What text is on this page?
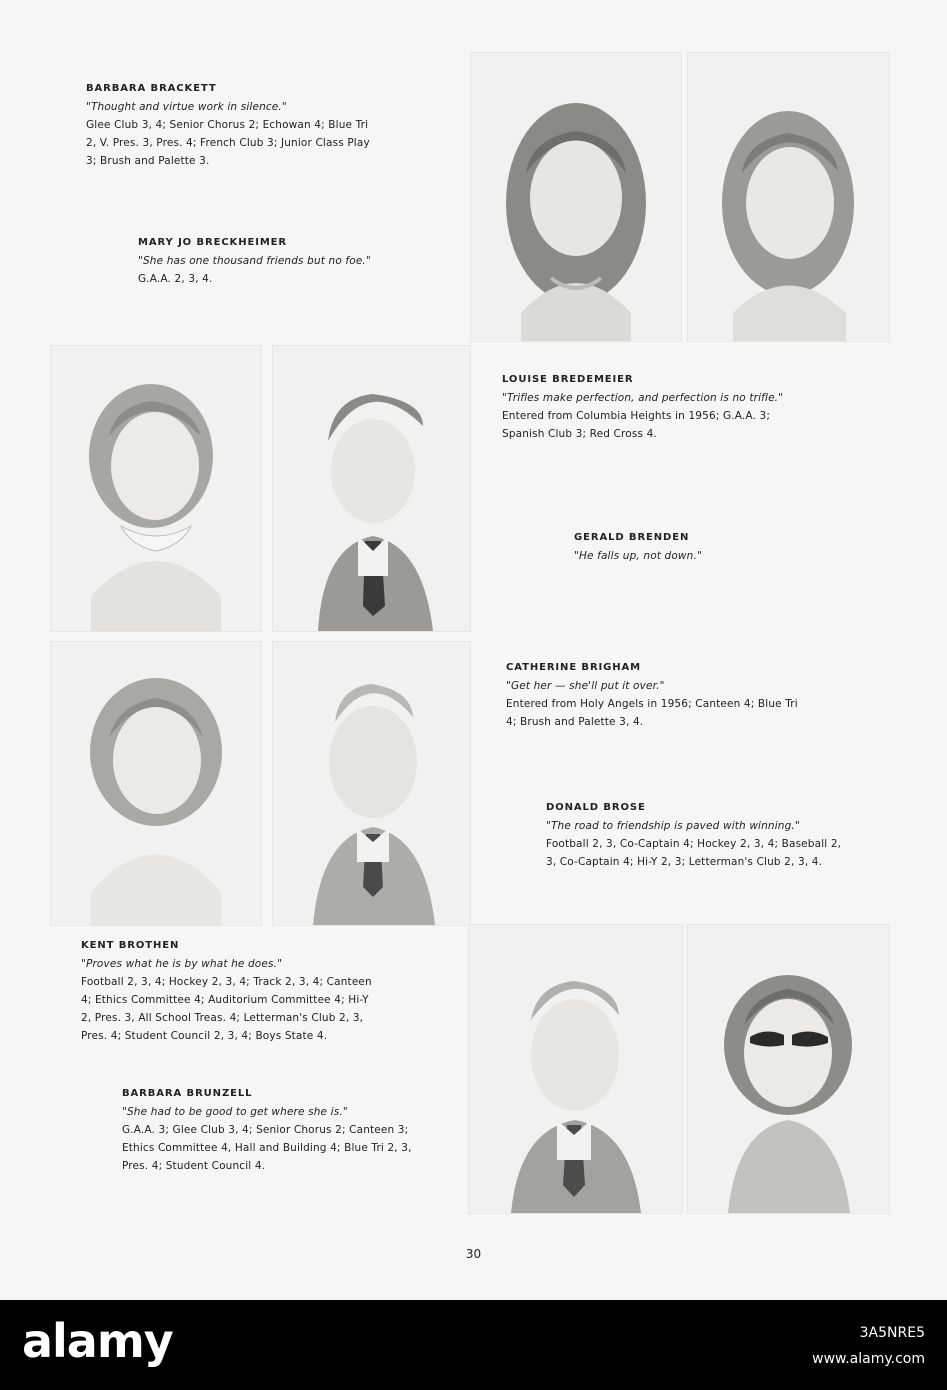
BARBARA BRACKETT
"Thought and virtue work in silence."
Glee Club 3, 4; Senior Chorus 2; Echowan 4; Blue Tri
2, V. Pres. 3, Pres. 4; French Club 3; Junior Class Play
3; Brush and Palette 3.
MARY JO BRECKHEIMER
"She has one thousand friends but no foe."
G.A.A. 2, 3, 4.
LOUISE BREDEMEIER
"Trifles make perfection, and perfection is no trifle."
Entered from Columbia Heights in 1956; G.A.A. 3;
Spanish Club 3; Red Cross 4.
GERALD BRENDEN
"He falls up, not down."
CATHERINE BRIGHAM
"Get her — she'll put it over."
Entered from Holy Angels in 1956; Canteen 4; Blue Tri
4; Brush and Palette 3, 4.
DONALD BROSE
"The road to friendship is paved with winning."
Football 2, 3, Co-Captain 4; Hockey 2, 3, 4; Baseball 2,
3, Co-Captain 4; Hi-Y 2, 3; Letterman's Club 2, 3, 4.
KENT BROTHEN
"Proves what he is by what he does."
Football 2, 3, 4; Hockey 2, 3, 4; Track 2, 3, 4; Canteen
4; Ethics Committee 4; Auditorium Committee 4; Hi-Y
2, Pres. 3, All School Treas. 4; Letterman's Club 2, 3,
Pres. 4; Student Council 2, 3, 4; Boys State 4.
BARBARA BRUNZELL
"She had to be good to get where she is."
G.A.A. 3; Glee Club 3, 4; Senior Chorus 2; Canteen 3;
Ethics Committee 4, Hall and Building 4; Blue Tri 2, 3,
Pres. 4; Student Council 4.
30
alamy	3A5NRE5
www.alamy.com
